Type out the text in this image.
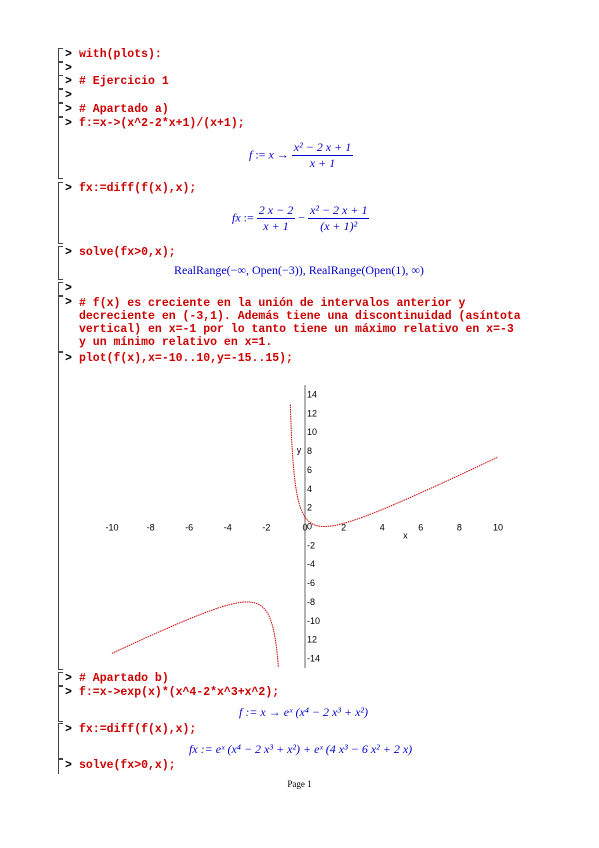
> with(plots):
>
> # Ejercicio 1
>
> # Apartado a)
> f:=x->(x^2-2*x+1)/(x+1);
f := $x \to \frac{\text{x² − 2 x + 1}}{x + 1}$
> fx:=diff(f(x),x);
fx := $\frac{2 x - 2}{x + 1} - \frac{\text{x² − 2 x + 1}}{\text{(x + 1)²}}$
> solve(fx>0,x);
RealRange(−∞, Open(−3)), RealRange(Open(1), ∞)
>
> # f(x) es creciente en la unión de intervalos anterior y
decreciente en (-3,1). Además tiene una discontinuidad (asíntota
vertical) en x=-1 por lo tanto tiene un máximo relativo en x=-3
y un mínimo relativo en x=1.
> plot(f(x),x=-10..10,y=-15..15);
-10	-8	-6	-4	-2	0	2	4	6	8	10
14
12
10
8
6
4
2
0
-2
-4
-6
-8
-10
12
-14
x
y
> # Apartado b)
> f:=x->exp(x)*(x^4-2*x^3+x^2);
f := x → eˣ (x⁴ − 2 x³ + x²)
> fx:=diff(f(x),x);
fx := eˣ (x⁴ − 2 x³ + x²) + eˣ (4 x³ − 6 x² + 2 x)
> solve(fx>0,x);
Page 1
